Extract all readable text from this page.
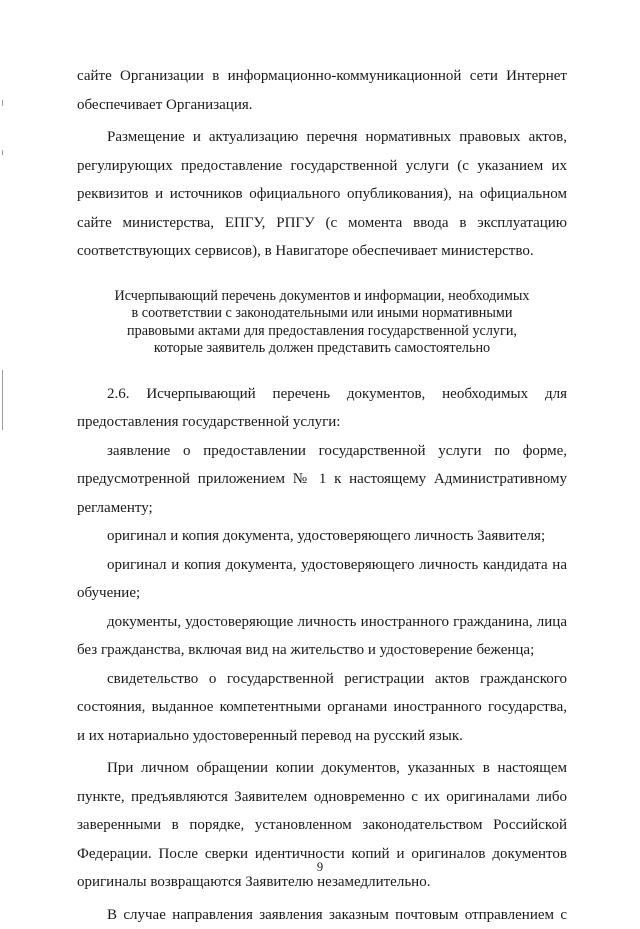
сайте Организации в информационно-коммуникационной сети Интернет
обеспечивает Организация.

Размещение и актуализацию перечня нормативных правовых актов,
регулирующих предоставление государственной услуги (с указанием их
реквизитов и источников официального опубликования), на официальном
сайте министерства, ЕПГУ, РПГУ (с момента ввода в эксплуатацию
соответствующих сервисов), в Навигаторе обеспечивает министерство.

Исчерпывающий перечень документов и информации, необходимых
в соответствии с законодательными или иными нормативными
правовыми актами для предоставления государственной услуги,
которые заявитель должен представить самостоятельно

2.6. Исчерпывающий перечень документов, необходимых для
предоставления государственной услуги:

заявление о предоставлении государственной услуги по форме,
предусмотренной приложением № 1 к настоящему Административному
регламенту;

оригинал и копия документа, удостоверяющего личность Заявителя;

оригинал и копия документа, удостоверяющего личность кандидата на
обучение;

документы, удостоверяющие личность иностранного гражданина, лица
без гражданства, включая вид на жительство и удостоверение беженца;

свидетельство о государственной регистрации актов гражданского
состояния, выданное компетентными органами иностранного государства,
и их нотариально удостоверенный перевод на русский язык.

При личном обращении копии документов, указанных в настоящем
пункте, предъявляются Заявителем одновременно с их оригиналами либо
заверенными в порядке, установленном законодательством Российской
Федерации. После сверки идентичности копий и оригиналов документов
оригиналы возвращаются Заявителю незамедлительно.

В случае направления заявления заказным почтовым отправлением с

9
